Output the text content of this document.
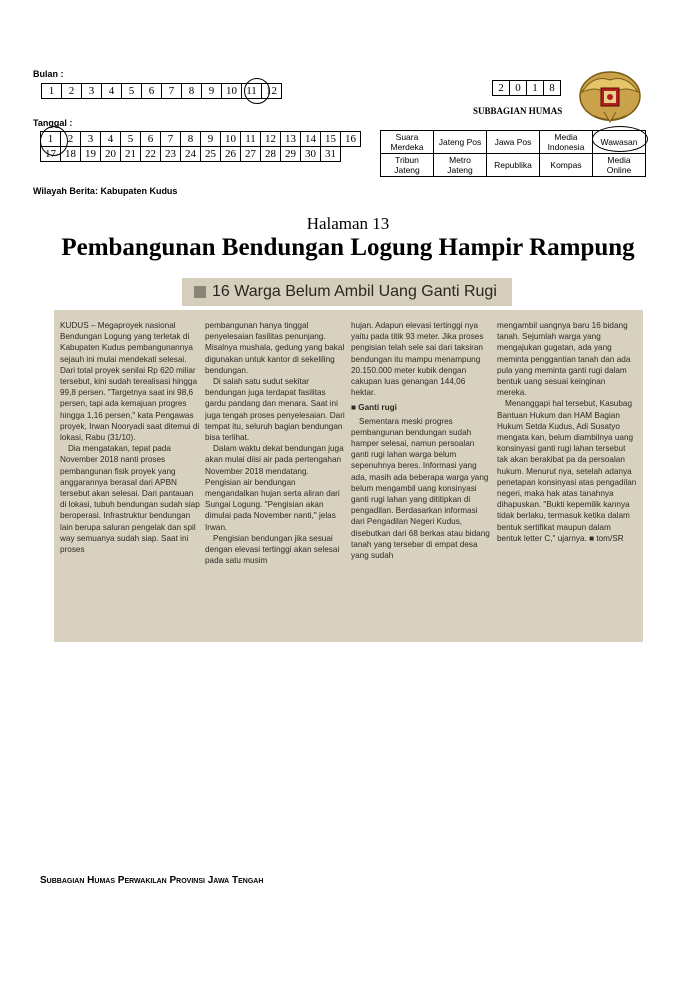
Bulan :
1	2	3	4	5	6	7	8	9	10	11	12	2	0	1	8
SUBBAGIAN HUMAS
Tanggal :
1	2	3	4	5	6	7	8	9	10	11	12	13	14	15	16
17	18	19	20	21	22	23	24	25	26	27	28	29	30	31	
Suara Merdeka	Jateng Pos	Jawa Pos	Media Indonesia	Wawasan
Tribun Jateng	Metro Jateng	Republika	Kompas	Media Online
Wilayah Berita: Kabupaten Kudus
Halaman 13
Pembangunan Bendungan Logung Hampir Rampung
16 Warga Belum Ambil Uang Ganti Rugi

KUDUS – Megaproyek nasional Bendungan Logung yang terletak di Kabupaten Kudus pembangunannya sejauh ini mulai mendekati selesai. Dari total proyek senilai Rp 620 miliar tersebut, kini sudah terealisasi hingga 99,8 persen. "Targetnya saat ini 98,6 persen, tapi ada kemajuan progres hingga 1,16 persen," kata Pengawas proyek, Irwan Nooryadi saat ditemui di lokasi, Rabu (31/10).

Dia mengatakan, tepat pada November 2018 nanti proses pembangunan fisik proyek yang anggarannya berasal dari APBN tersebut akan selesai. Dari pantauan di lokasi, tubuh bendungan sudah siap beroperasi. Infrastruktur bendungan lain berupa saluran pengelak dan spil way semuanya sudah siap. Saat ini proses

pembangunan hanya tinggal penyelesaian fasilitas penunjang. Misalnya mushala, gedung yang bakal digunakan untuk kantor di sekeliling bendungan.

Di salah satu sudut sekitar bendungan juga terdapat fasilitas gardu pandang dan menara. Saat ini juga tengah proses penyelesaian. Dari tempat itu, seluruh bagian bendungan bisa terlihat.

Dalam waktu dekat bendungan juga akan mulai diisi air pada pertengahan November 2018 mendatang. Pengisian air bendungan mengandalkan hujan serta aliran dari Sungai Logung. "Pengisian akan dimulai pada November nanti," jelas Irwan.

Pengisian bendungan jika sesuai dengan elevasi tertinggi akan selesai pada satu musim

hujan. Adapun elevasi tertinggi nya yaitu pada titik 93 meter. Jika proses pengisian telah sele sai dari taksiran bendungan itu mampu menampung 20.150.000 meter kubik dengan cakupan luas genangan 144,06 hektar.

■ Ganti rugi

Sementara meski progres pembangunan bendungan sudah hamper selesai, namun persoalan ganti rugi lahan warga belum sepenuhnya beres. Informasi yang ada, masih ada beberapa warga yang belum mengambil uang konsinyasi ganti rugi lahan yang dititipkan di pengadilan. Berdasarkan informasi dari Pengadilan Negeri Kudus, disebutkan dari 68 berkas atau bidang tanah yang tersebar di empat desa yang sudah

mengambil uangnya baru 16 bidang tanah. Sejumlah warga yang mengajukan gugatan, ada yang meminta penggantian tanah dan ada pula yang meminta ganti rugi dalam bentuk uang sesuai keinginan mereka.

Menanggapi hal tersebut, Kasubag Bantuan Hukum dan HAM Bagian Hukum Setda Kudus, Adi Susatyo mengata kan, belum diambilnya uang konsinyasi ganti rugi lahan tersebut tak akan berakibat pa da persoalan hukum. Menurut nya, setelah adanya penetapan konsinyasi atas pengadilan negeri, maka hak atas tanahnya dihapuskan. "Bukti kepemilik kannya tidak berlaku, termasuk ketika dalam bentuk sertifikat maupun dalam bentuk letter C," ujarnya. ■ tom/SR

Subbagian Humas Perwakilan Provinsi Jawa Tengah
